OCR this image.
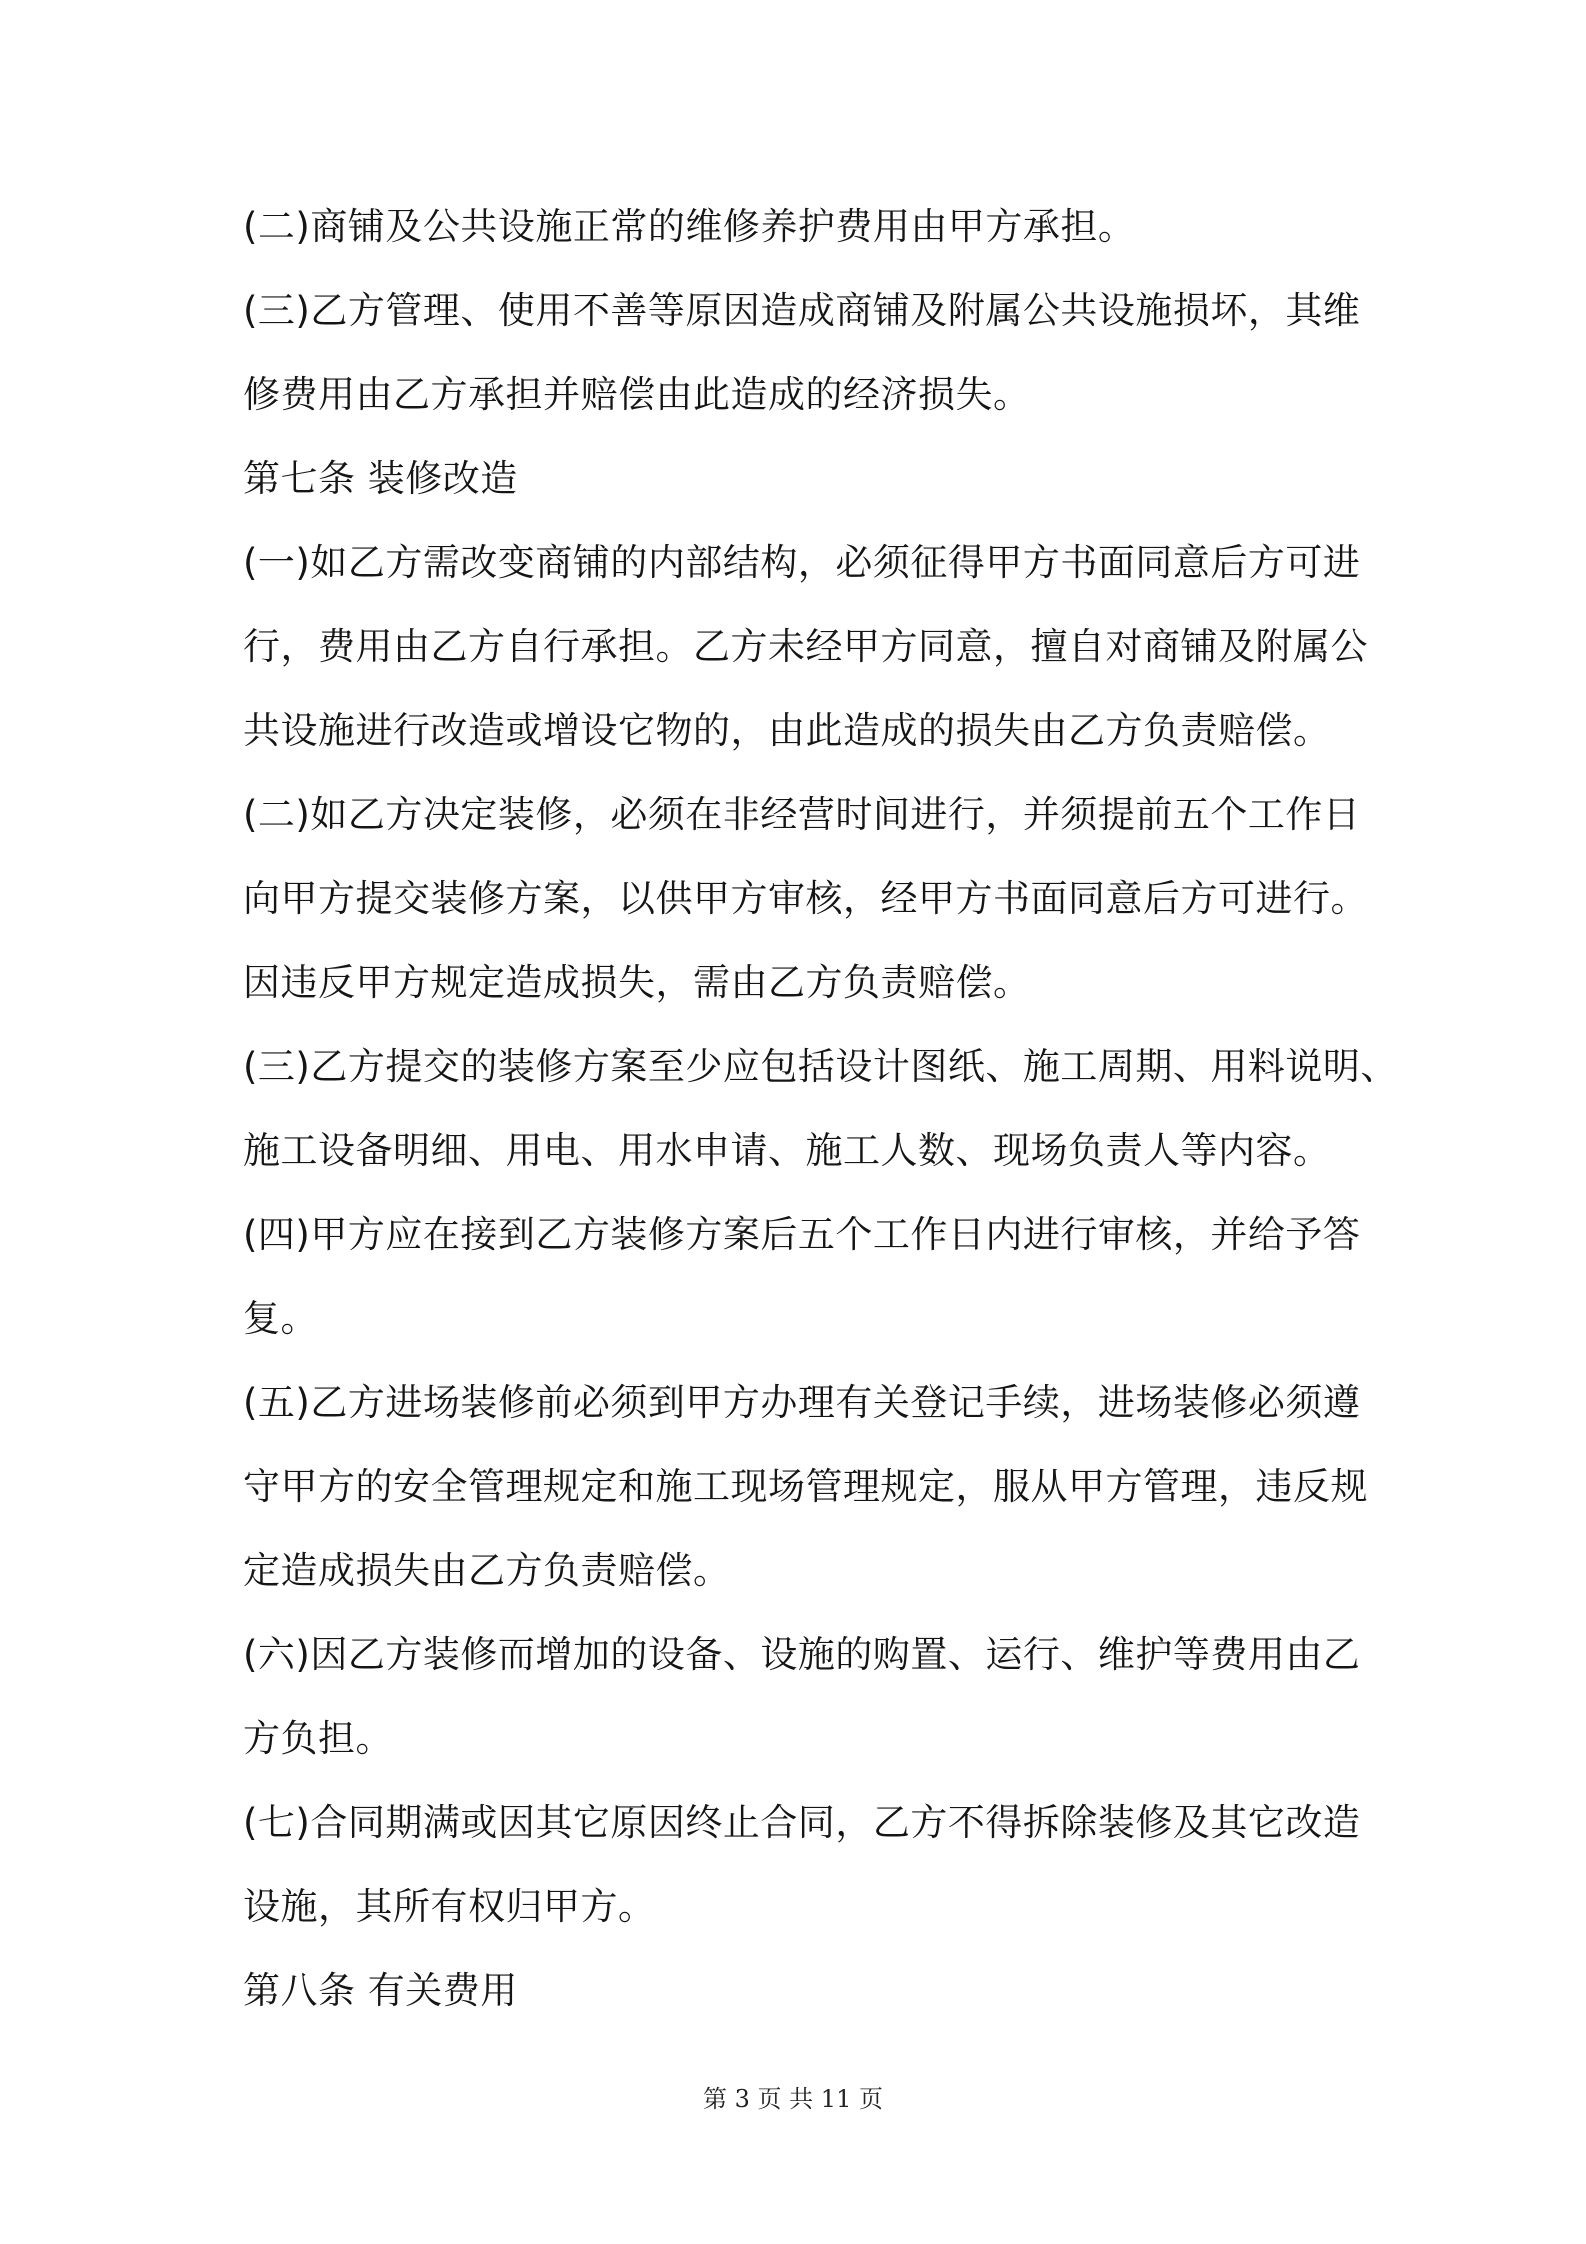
(二)商铺及公共设施正常的维修养护费用由甲方承担。
(三)乙方管理、使用不善等原因造成商铺及附属公共设施损坏，其维
修费用由乙方承担并赔偿由此造成的经济损失。
第七条 装修改造
(一)如乙方需改变商铺的内部结构，必须征得甲方书面同意后方可进
行，费用由乙方自行承担。乙方未经甲方同意，擅自对商铺及附属公
共设施进行改造或增设它物的，由此造成的损失由乙方负责赔偿。
(二)如乙方决定装修，必须在非经营时间进行，并须提前五个工作日
向甲方提交装修方案，以供甲方审核，经甲方书面同意后方可进行。
因违反甲方规定造成损失，需由乙方负责赔偿。
(三)乙方提交的装修方案至少应包括设计图纸、施工周期、用料说明、
施工设备明细、用电、用水申请、施工人数、现场负责人等内容。
(四)甲方应在接到乙方装修方案后五个工作日内进行审核，并给予答
复。
(五)乙方进场装修前必须到甲方办理有关登记手续，进场装修必须遵
守甲方的安全管理规定和施工现场管理规定，服从甲方管理，违反规
定造成损失由乙方负责赔偿。
(六)因乙方装修而增加的设备、设施的购置、运行、维护等费用由乙
方负担。
(七)合同期满或因其它原因终止合同，乙方不得拆除装修及其它改造
设施，其所有权归甲方。
第八条 有关费用
第 3 页 共 11 页
